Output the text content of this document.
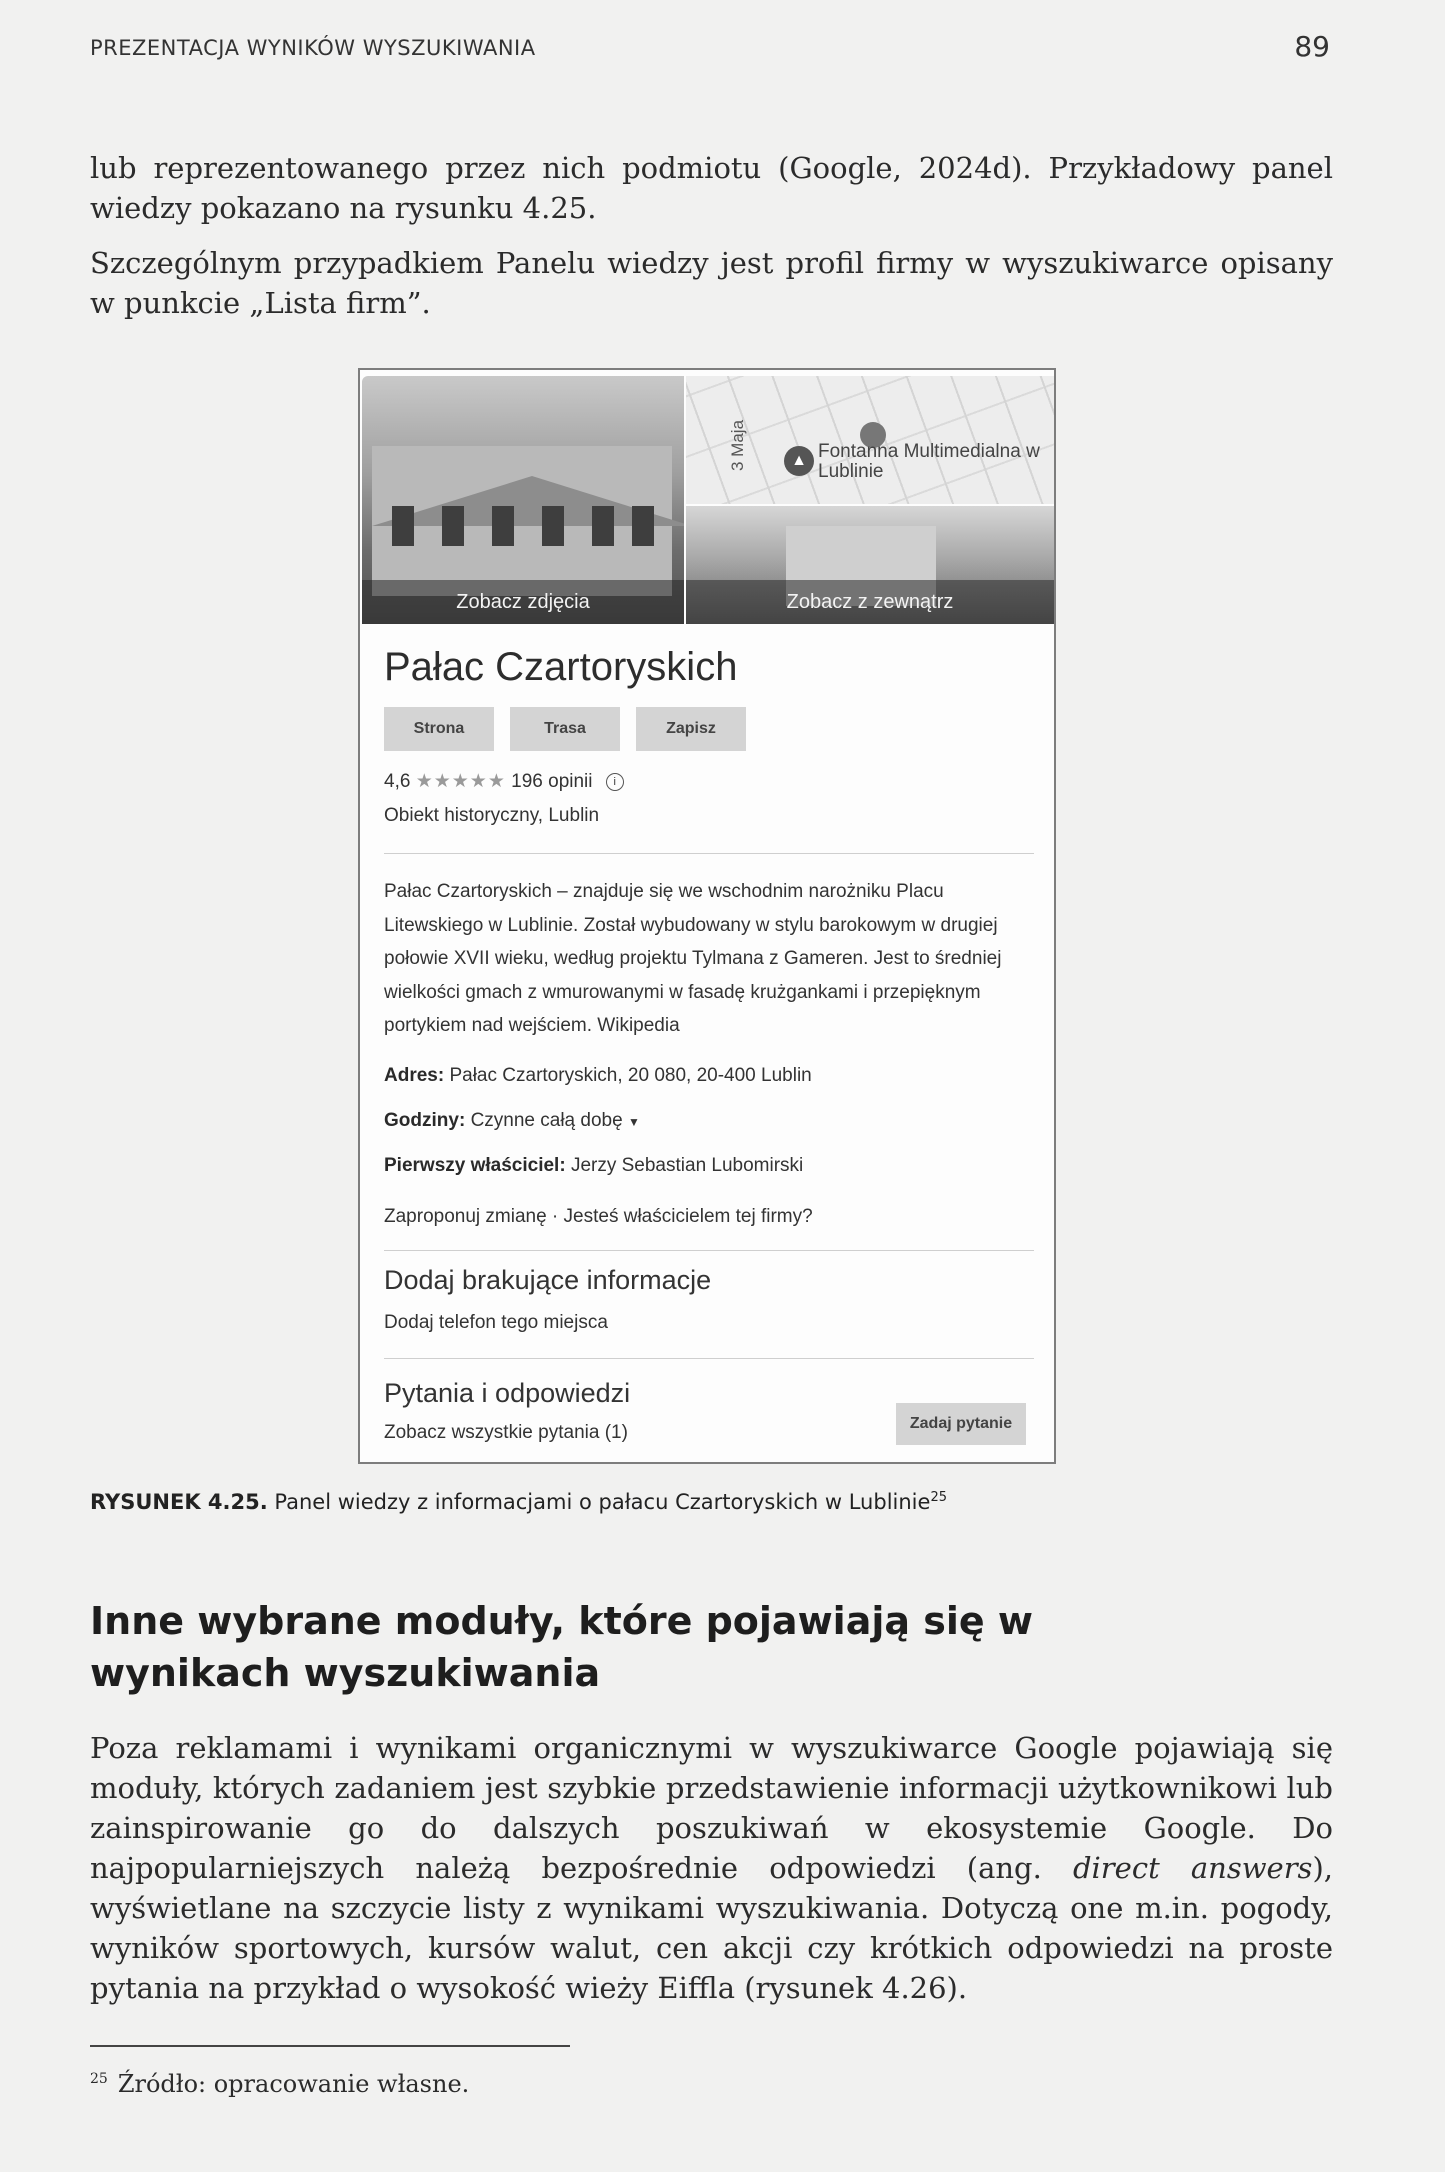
PREZENTACJA WYNIKÓW WYSZUKIWANIA	89

lub reprezentowanego przez nich podmiotu (Google, 2024d). Przykładowy panel wiedzy pokazano na rysunku 4.25.

Szczególnym przypadkiem Panelu wiedzy jest profil firmy w wyszukiwarce opisany w punkcie „Lista firm”.

Zobacz zdjęcia
3 Maja	▲ Fontanna Multimedialna w Lublinie
Zobacz z zewnątrz
Pałac Czartoryskich
Strona	Trasa	Zapisz
4,6 ★★★★★ 196 opinii i
Obiekt historyczny, Lublin
Pałac Czartoryskich – znajduje się we wschodnim narożniku Placu Litewskiego w Lublinie. Został wybudowany w stylu barokowym w drugiej połowie XVII wieku, według projektu Tylmana z Gameren. Jest to średniej wielkości gmach z wmurowanymi w fasadę krużgankami i przepięknym portykiem nad wejściem. Wikipedia
Adres: Pałac Czartoryskich, 20 080, 20-400 Lublin
Godziny: Czynne całą dobę ▼
Pierwszy właściciel: Jerzy Sebastian Lubomirski
Zaproponuj zmianę · Jesteś właścicielem tej firmy?
Dodaj brakujące informacje
Dodaj telefon tego miejsca
Pytania i odpowiedzi
Zobacz wszystkie pytania (1)	Zadaj pytanie
RYSUNEK 4.25. Panel wiedzy z informacjami o pałacu Czartoryskich w Lublinie$^{25}$
Inne wybrane moduły, które pojawiają się w wynikach wyszukiwania

Poza reklamami i wynikami organicznymi w wyszukiwarce Google pojawiają się moduły, których zadaniem jest szybkie przedstawienie informacji użytkownikowi lub zainspirowanie go do dalszych poszukiwań w ekosystemie Google. Do najpopularniejszych należą bezpośrednie odpowiedzi (ang. direct answers), wyświetlane na szczycie listy z wynikami wyszukiwania. Dotyczą one m.in. pogody, wyników sportowych, kursów walut, cen akcji czy krótkich odpowiedzi na proste pytania na przykład o wysokość wieży Eiffla (rysunek 4.26).

$^{25}$ Źródło: opracowanie własne.
